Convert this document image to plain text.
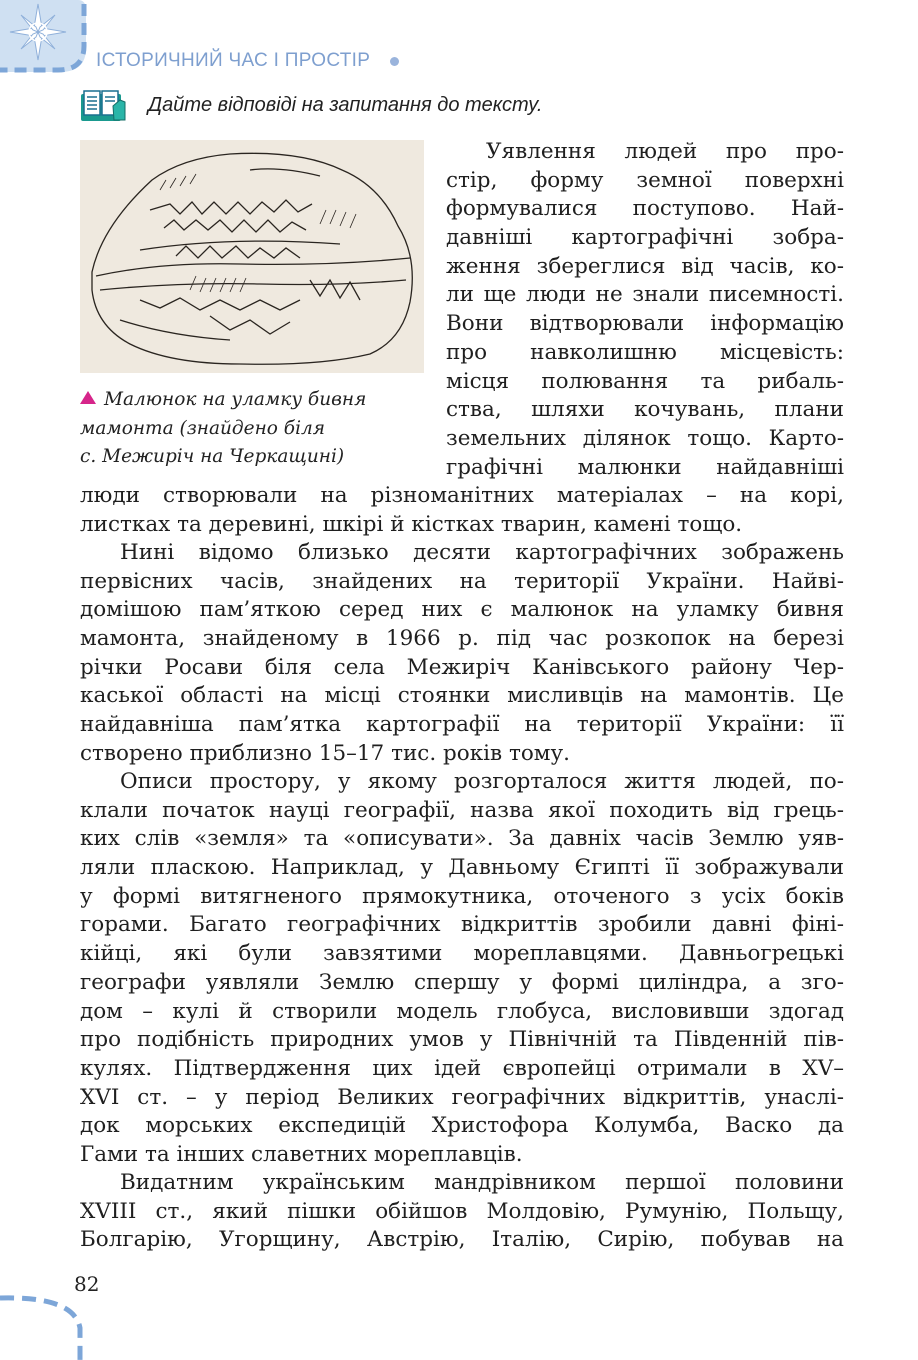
ІСТОРИЧНИЙ ЧАС І ПРОСТІР
Дайте відповіді на запитання до тексту.
Малюнок на уламку бивня
мамонта (знайдено біля
с. Межиріч на Черкащині)
Уявлення людей про про-
стір, форму земної поверхні
формувалися поступово. Най-
давніші картографічні зобра-
ження збереглися від часів, ко-
ли ще люди не знали писемності.
Вони відтворювали інформацію
про навколишню місцевість:
місця полювання та рибаль-
ства, шляхи кочувань, плани
земельних ділянок тощо. Карто-
графічні малюнки найдавніші
люди створювали на різноманітних матеріалах – на корі,
листках та деревині, шкірі й кістках тварин, камені тощо.
Нині відомо близько десяти картографічних зображень
первісних часів, знайдених на території України. Найві-
домішою пам’яткою серед них є малюнок на уламку бивня
мамонта, знайденому в 1966 р. під час розкопок на березі
річки Росави біля села Межиріч Канівського району Чер-
каської області на місці стоянки мисливців на мамонтів. Це
найдавніша пам’ятка картографії на території України: її
створено приблизно 15–17 тис. років тому.
Описи простору, у якому розгорталося життя людей, по-
клали початок науці географії, назва якої походить від грець-
ких слів «земля» та «описувати». За давніх часів Землю уяв-
ляли пласкою. Наприклад, у Давньому Єгипті її зображували
у формі витягненого прямокутника, оточеного з усіх боків
горами. Багато географічних відкриттів зробили давні фіні-
кійці, які були завзятими мореплавцями. Давньогрецькі
географи уявляли Землю спершу у формі циліндра, а зго-
дом – кулі й створили модель глобуса, висловивши здогад
про подібність природних умов у Північній та Південній пів-
кулях. Підтвердження цих ідей європейці отримали в XV–
XVI ст. – у період Великих географічних відкриттів, унаслі-
док морських експедицій Христофора Колумба, Васко да
Гами та інших славетних мореплавців.
Видатним українським мандрівником першої половини
XVIII ст., який пішки обійшов Молдовію, Румунію, Польщу,
Болгарію, Угорщину, Австрію, Італію, Сирію, побував на
82
